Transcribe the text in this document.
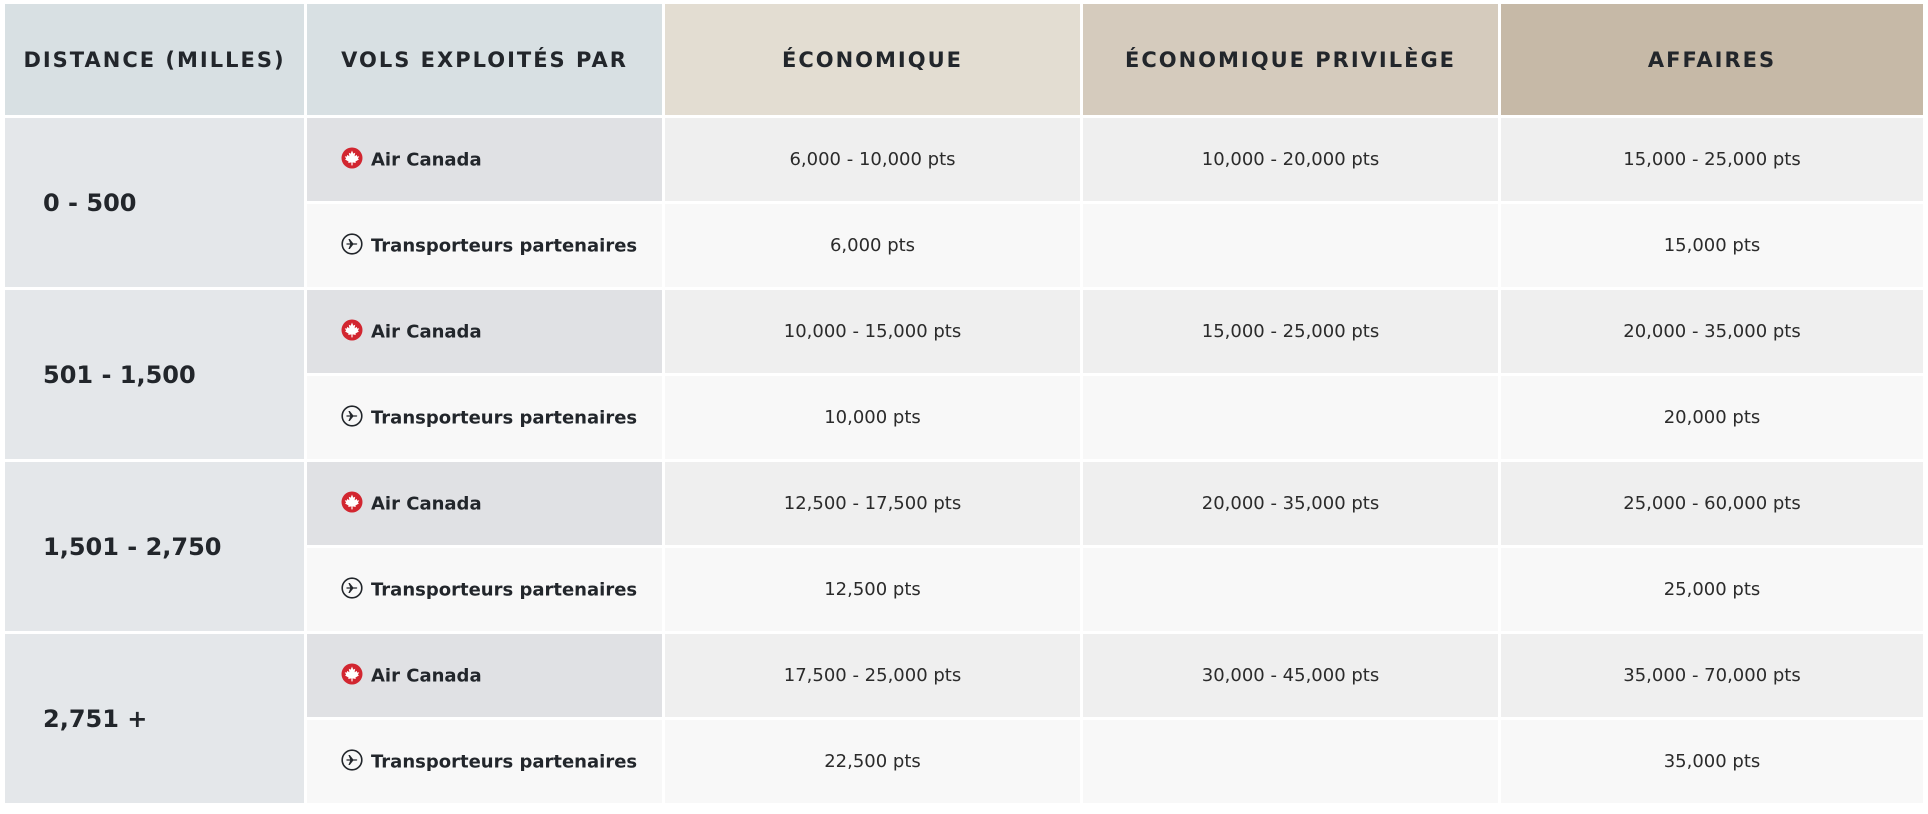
DISTANCE (MILLES)	VOLS EXPLOITÉS PAR	ÉCONOMIQUE	ÉCONOMIQUE PRIVILÈGE	AFFAIRES
0 - 500	Air Canada	6,000 - 10,000 pts	10,000 - 20,000 pts	15,000 - 25,000 pts
	Transporteurs partenaires	6,000 pts		15,000 pts
501 - 1,500	Air Canada	10,000 - 15,000 pts	15,000 - 25,000 pts	20,000 - 35,000 pts
	Transporteurs partenaires	10,000 pts		20,000 pts
1,501 - 2,750	Air Canada	12,500 - 17,500 pts	20,000 - 35,000 pts	25,000 - 60,000 pts
	Transporteurs partenaires	12,500 pts		25,000 pts
2,751 +	Air Canada	17,500 - 25,000 pts	30,000 - 45,000 pts	35,000 - 70,000 pts
	Transporteurs partenaires	22,500 pts		35,000 pts
